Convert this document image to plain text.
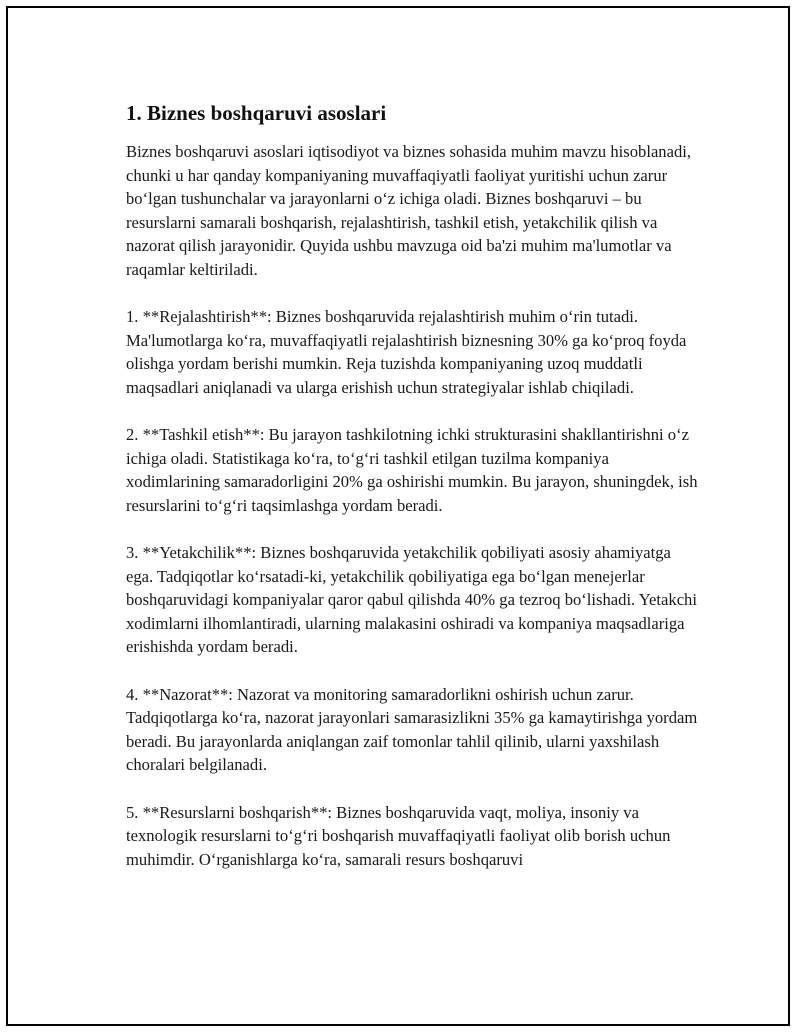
1. Biznes boshqaruvi asoslari

Biznes boshqaruvi asoslari iqtisodiyot va biznes sohasida muhim mavzu hisoblanadi, chunki u har qanday kompaniyaning muvaffaqiyatli faoliyat yuritishi uchun zarur bo‘lgan tushunchalar va jarayonlarni o‘z ichiga oladi. Biznes boshqaruvi – bu resurslarni samarali boshqarish, rejalashtirish, tashkil etish, yetakchilik qilish va nazorat qilish jarayonidir. Quyida ushbu mavzuga oid ba'zi muhim ma'lumotlar va raqamlar keltiriladi.

1. **Rejalashtirish**: Biznes boshqaruvida rejalashtirish muhim o‘rin tutadi. Ma'lumotlarga ko‘ra, muvaffaqiyatli rejalashtirish biznesning 30% ga ko‘proq foyda olishga yordam berishi mumkin. Reja tuzishda kompaniyaning uzoq muddatli maqsadlari aniqlanadi va ularga erishish uchun strategiyalar ishlab chiqiladi.

2. **Tashkil etish**: Bu jarayon tashkilotning ichki strukturasini shakllantirishni o‘z ichiga oladi. Statistikaga ko‘ra, to‘g‘ri tashkil etilgan tuzilma kompaniya xodimlarining samaradorligini 20% ga oshirishi mumkin. Bu jarayon, shuningdek, ish resurslarini to‘g‘ri taqsimlashga yordam beradi.

3. **Yetakchilik**: Biznes boshqaruvida yetakchilik qobiliyati asosiy ahamiyatga ega. Tadqiqotlar ko‘rsatadi-ki, yetakchilik qobiliyatiga ega bo‘lgan menejerlar boshqaruvidagi kompaniyalar qaror qabul qilishda 40% ga tezroq bo‘lishadi. Yetakchi xodimlarni ilhomlantiradi, ularning malakasini oshiradi va kompaniya maqsadlariga erishishda yordam beradi.

4. **Nazorat**: Nazorat va monitoring samaradorlikni oshirish uchun zarur. Tadqiqotlarga ko‘ra, nazorat jarayonlari samarasizlikni 35% ga kamaytirishga yordam beradi. Bu jarayonlarda aniqlangan zaif tomonlar tahlil qilinib, ularni yaxshilash choralari belgilanadi.

5. **Resurslarni boshqarish**: Biznes boshqaruvida vaqt, moliya, insoniy va texnologik resurslarni to‘g‘ri boshqarish muvaffaqiyatli faoliyat olib borish uchun muhimdir. O‘rganishlarga ko‘ra, samarali resurs boshqaruvi
